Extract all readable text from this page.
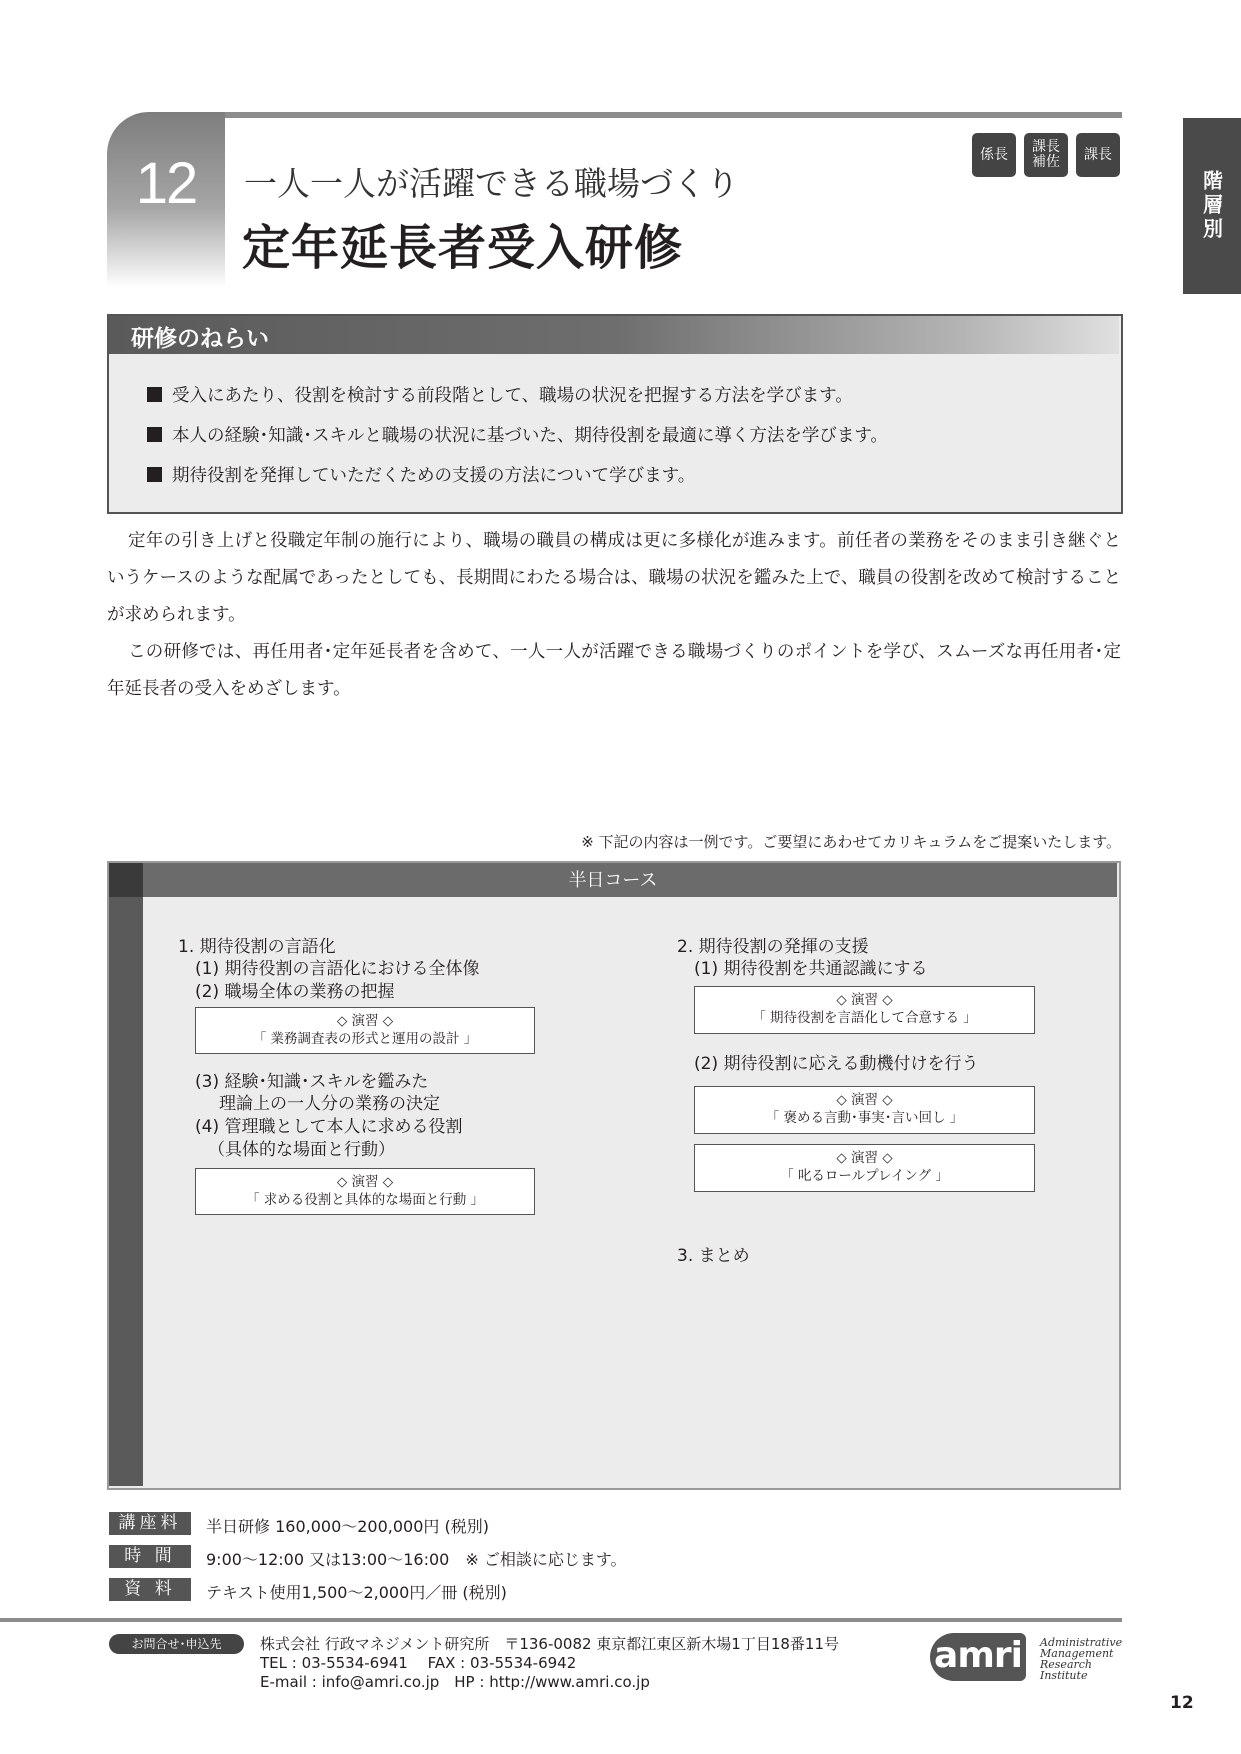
12	一人一人が活躍できる職場づくり
定年延長者受入研修
係長	課長
補佐	課長
階層別
研修のねらい
受入にあたり、役割を検討する前段階として、職場の状況を把握する方法を学びます。
本人の経験･知識･スキルと職場の状況に基づいた、期待役割を最適に導く方法を学びます。
期待役割を発揮していただくための支援の方法について学びます。
定年の引き上げと役職定年制の施行により、職場の職員の構成は更に多様化が進みます。前任者の業務をそのまま引き継ぐというケースのような配属であったとしても、長期間にわたる場合は、職場の状況を鑑みた上で、職員の役割を改めて検討することが求められます。
この研修では、再任用者･定年延長者を含めて、一人一人が活躍できる職場づくりのポイントを学び、スムーズな再任用者･定年延長者の受入をめざします。
※ 下記の内容は一例です。ご要望にあわせてカリキュラムをご提案いたします。
半日コース
1. 期待役割の言語化
(1) 期待役割の言語化における全体像
(2) 職場全体の業務の把握
◇ 演習 ◇
「 業務調査表の形式と運用の設計 」
(3) 経験･知識･スキルを鑑みた
理論上の一人分の業務の決定
(4) 管理職として本人に求める役割
（具体的な場面と行動）
◇ 演習 ◇
「 求める役割と具体的な場面と行動 」
2. 期待役割の発揮の支援
(1) 期待役割を共通認識にする
◇ 演習 ◇
「 期待役割を言語化して合意する 」
(2) 期待役割に応える動機付けを行う
◇ 演習 ◇
「 褒める言動･事実･言い回し 」
◇ 演習 ◇
「 叱るロールプレイング 」
3. まとめ
講座料	半日研修 160,000～200,000円 (税別)
時 間	9:00～12:00 又は13:00～16:00　※ ご相談に応じます。
資 料	テキスト使用1,500～2,000円／冊 (税別)
お問合せ･申込先	株式会社 行政マネジメント研究所　〒136-0082 東京都江東区新木場1丁目18番11号
TEL : 03-5534-6941　 FAX : 03-5534-6942
E-mail : info@amri.co.jp　HP : http://www.amri.co.jp
amri	Administrative
Management
Research
Institute
12
